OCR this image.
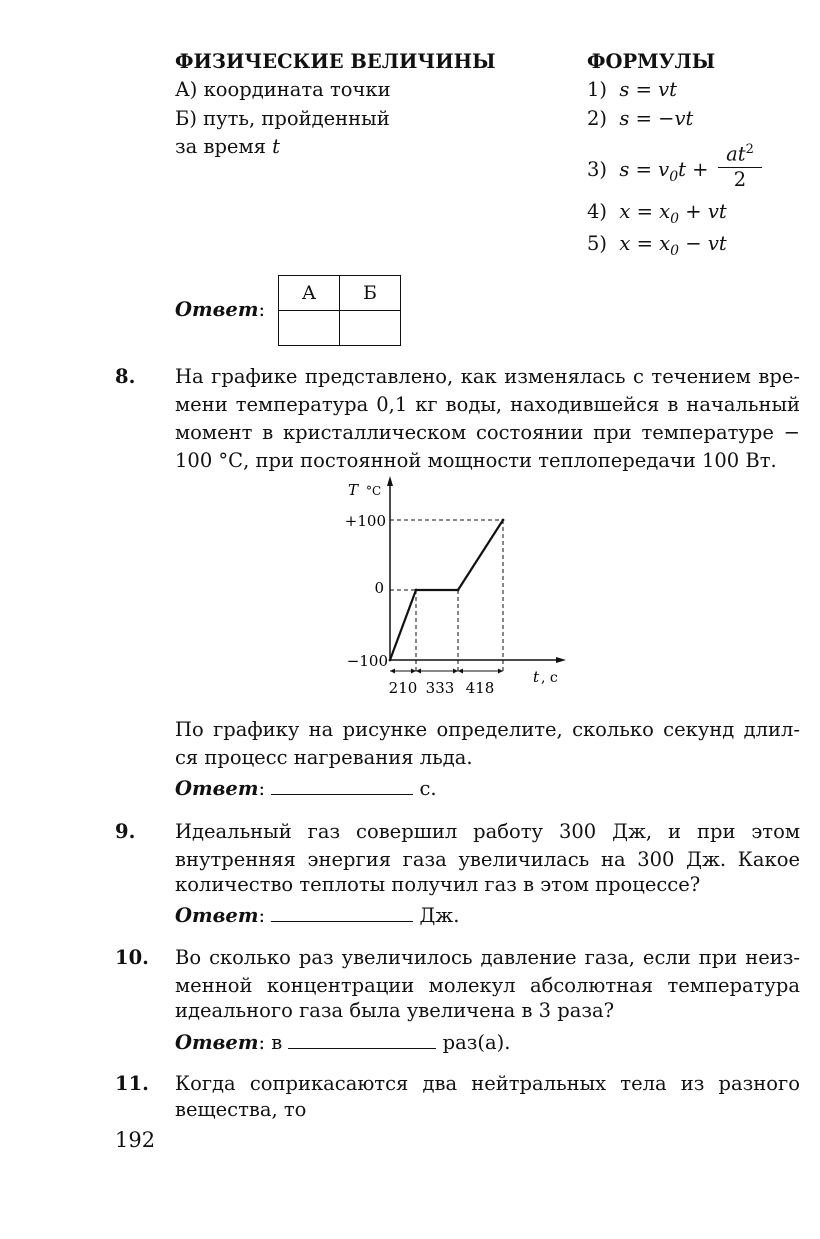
ФИЗИЧЕСКИЕ ВЕЛИЧИНЫ	ФОРМУЛЫ
А) координата точки
Б) путь, пройденный
за время t
1) s = vt
2) s = −vt
3) $s = v_0t$ +
$at^2$
2
4) $x = x_0$ + vt
5) $x = x_0$ − vt
Ответ:
А	Б

8. На графике представлено, как изменялась с течением вре-
мени температура 0,1 кг воды, находившейся в начальный
момент в кристаллическом состоянии при температуре −
100 °С, при постоянной мощности теплопередачи 100 Вт.
T °C
t , с
+100
0
−100
210 333 418
По графику на рисунке определите, сколько секунд длил-
ся процесс нагревания льда.
Ответ:	с.
9. Идеальный газ совершил работу 300 Дж, и при этом
внутренняя энергия газа увеличилась на 300 Дж. Какое
количество теплоты получил газ в этом процессе?
Ответ:	Дж.
10. Во сколько раз увеличилось давление газа, если при неиз-
менной концентрации молекул абсолютная температура
идеального газа была увеличена в 3 раза?
Ответ: в	раз(а).
11. Когда соприкасаются два нейтральных тела из разного
вещества, то
192
